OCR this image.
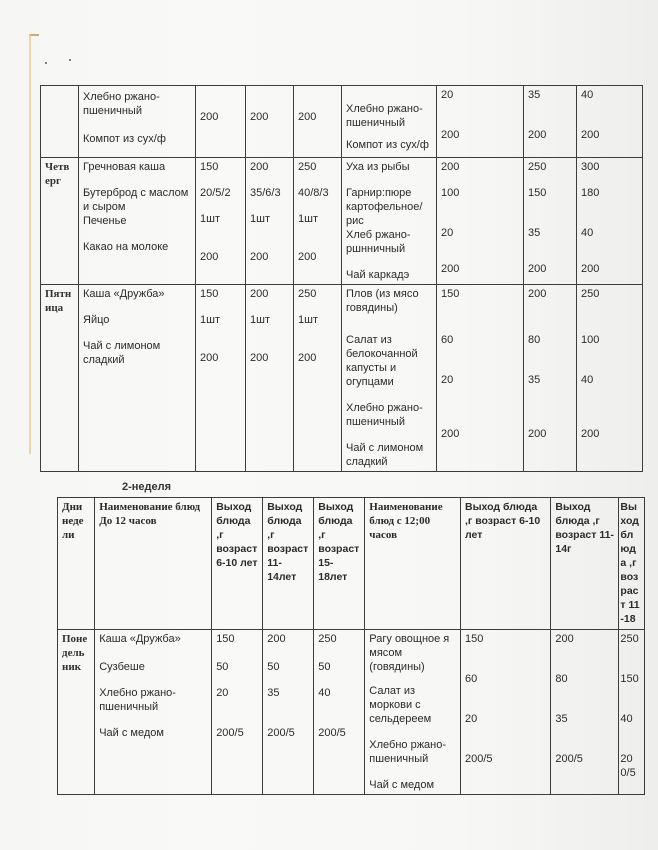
	Хлебно ржано-пшеничный
Компот из сух/ф	200	200	200	Хлебно ржано-пшеничный
Компот из сух/ф	20
200	35
200	40
200

Четверг	Гречновая каша
Бутерброд с маслом и сыром
Печенье
Какао на молоке	150
20/5/2
1шт
200	200
35/6/3
1шт
200	250
40/8/3
1шт
200	Уха из рыбы
Гарнир:пюре картофельное/рис
Хлеб ржано-ршнничный
Чай каркадэ	200
100
20
200	250
150
35
200	300
180
40
200

Пятница	Каша «Дружба»
Яйцо
Чай с лимоном сладкий	150
1шт
200	200
1шт
200	250
1шт
200	Плов (из мясо говядины)
Салат из белокочанной капусты и огупцами
Хлебно ржано-пшеничный
Чай с лимоном сладкий	150
60
20
200	200
80
35
200	250
100
40
200
2-неделя
Дни недели	Наименование блюд До 12 часов	Выход блюда ,г возраст 6-10 лет	Выход блюда ,г возраст 11-14лет	Выход блюда ,г возраст 15-18лет	Наименование блюд с 12;00 часов	Выход блюда ,г возраст 6-10 лет	Выход блюда ,г возраст 11-14г	Выход блюда ,г возраст 11-18

Понедельник	Каша «Дружба»
Сузбеше
Хлебно ржано-пшеничный
Чай с медом	150
50
20
200/5	200
50
35
200/5	250
50
40
200/5	Рагу овощное я мясом (говядины)
Салат из моркови с сельдереем
Хлебно ржано-пшеничный
Чай с медом	150
60
20
200/5	200
80
35
200/5	250
150
40
200/5
